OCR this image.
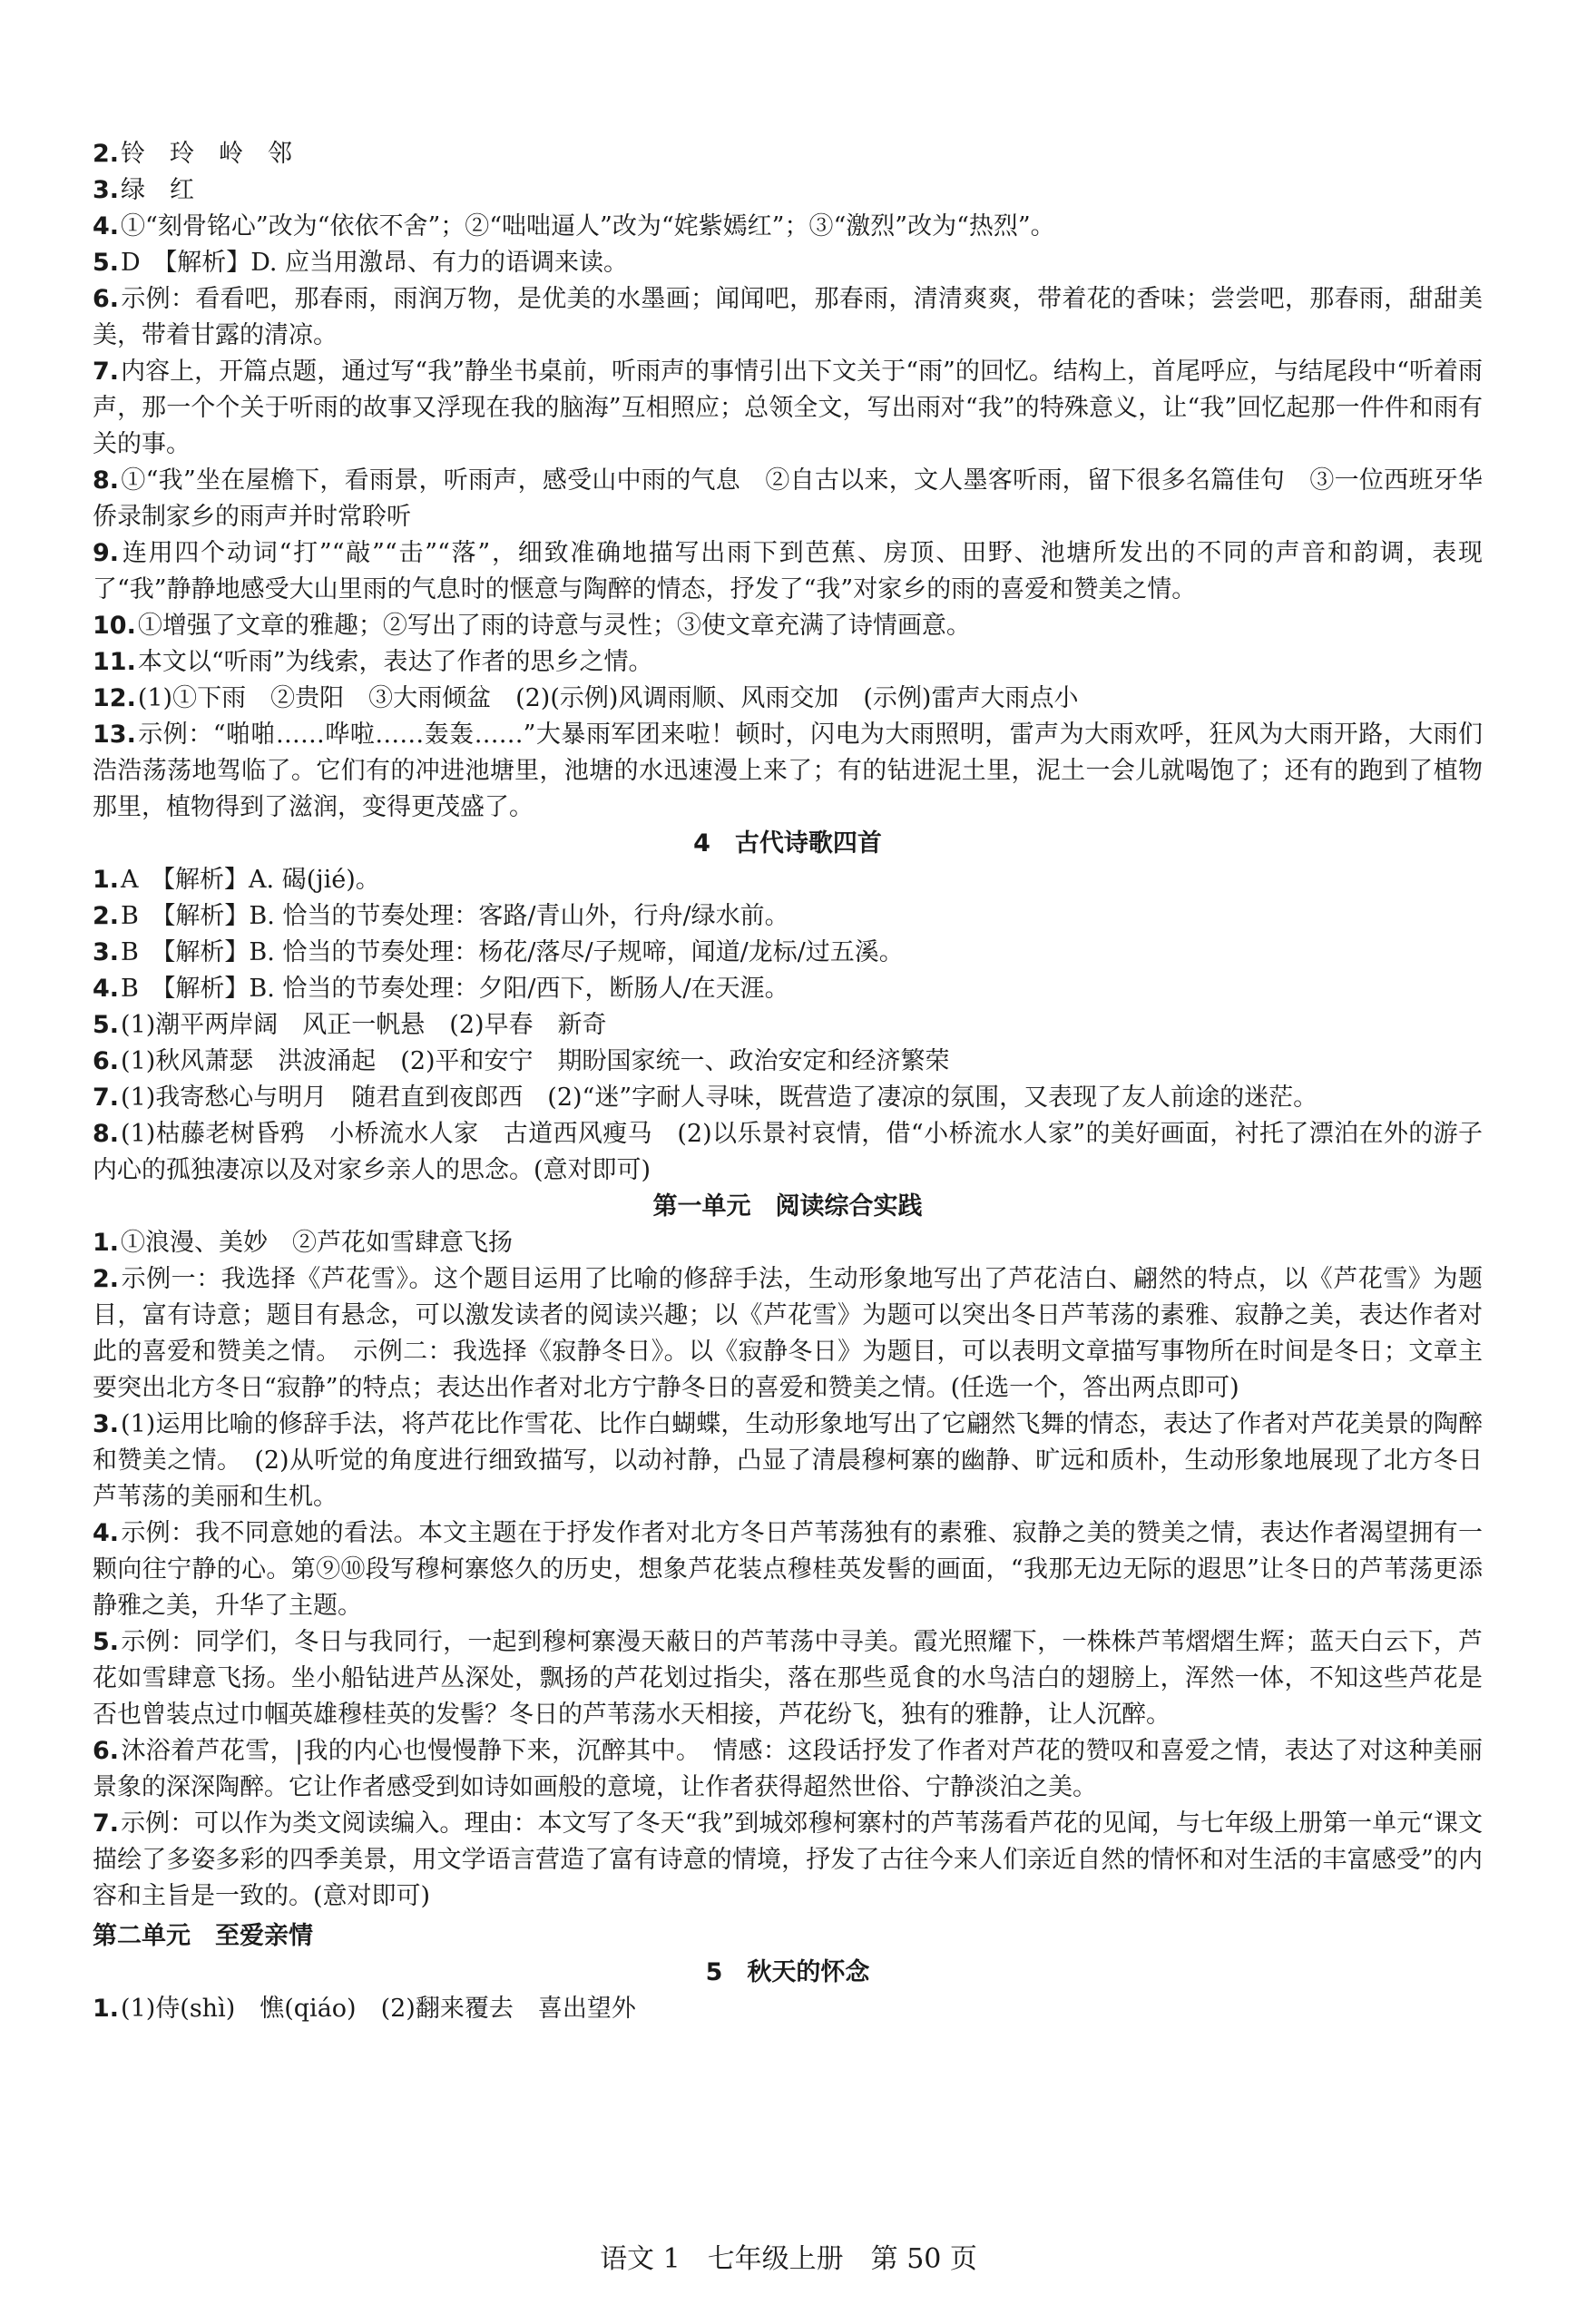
2.铃　玲　岭　邻

3.绿　红

4.①“刻骨铭心”改为“依依不舍”；②“咄咄逼人”改为“姹紫嫣红”；③“激烈”改为“热烈”。

5.D　【解析】D. 应当用激昂、有力的语调来读。

6.示例：看看吧，那春雨，雨润万物，是优美的水墨画；闻闻吧，那春雨，清清爽爽，带着花的香味；尝尝吧，那春雨，甜甜美美，带着甘露的清凉。

7.内容上，开篇点题，通过写“我”静坐书桌前，听雨声的事情引出下文关于“雨”的回忆。结构上，首尾呼应，与结尾段中“听着雨声，那一个个关于听雨的故事又浮现在我的脑海”互相照应；总领全文，写出雨对“我”的特殊意义，让“我”回忆起那一件件和雨有关的事。

8.①“我”坐在屋檐下，看雨景，听雨声，感受山中雨的气息　②自古以来，文人墨客听雨，留下很多名篇佳句　③一位西班牙华侨录制家乡的雨声并时常聆听

9.连用四个动词“打”“敲”“击”“落”，细致准确地描写出雨下到芭蕉、房顶、田野、池塘所发出的不同的声音和韵调，表现了“我”静静地感受大山里雨的气息时的惬意与陶醉的情态，抒发了“我”对家乡的雨的喜爱和赞美之情。

10.①增强了文章的雅趣；②写出了雨的诗意与灵性；③使文章充满了诗情画意。

11.本文以“听雨”为线索，表达了作者的思乡之情。

12.(1)①下雨　②贵阳　③大雨倾盆　(2)(示例)风调雨顺、风雨交加　(示例)雷声大雨点小

13.示例：“啪啪……哗啦……轰轰……”大暴雨军团来啦！顿时，闪电为大雨照明，雷声为大雨欢呼，狂风为大雨开路，大雨们浩浩荡荡地驾临了。它们有的冲进池塘里，池塘的水迅速漫上来了；有的钻进泥土里，泥土一会儿就喝饱了；还有的跑到了植物那里，植物得到了滋润，变得更茂盛了。

4　古代诗歌四首

1.A　【解析】A. 碣(jié)。

2.B　【解析】B. 恰当的节奏处理：客路/青山外，行舟/绿水前。

3.B　【解析】B. 恰当的节奏处理：杨花/落尽/子规啼，闻道/龙标/过五溪。

4.B　【解析】B. 恰当的节奏处理：夕阳/西下，断肠人/在天涯。

5.(1)潮平两岸阔　风正一帆悬　(2)早春　新奇

6.(1)秋风萧瑟　洪波涌起　(2)平和安宁　期盼国家统一、政治安定和经济繁荣

7.(1)我寄愁心与明月　随君直到夜郎西　(2)“迷”字耐人寻味，既营造了凄凉的氛围，又表现了友人前途的迷茫。

8.(1)枯藤老树昏鸦　小桥流水人家　古道西风瘦马　(2)以乐景衬哀情，借“小桥流水人家”的美好画面，衬托了漂泊在外的游子内心的孤独凄凉以及对家乡亲人的思念。(意对即可)

第一单元　阅读综合实践

1.①浪漫、美妙　②芦花如雪肆意飞扬

2.示例一：我选择《芦花雪》。这个题目运用了比喻的修辞手法，生动形象地写出了芦花洁白、翩然的特点，以《芦花雪》为题目，富有诗意；题目有悬念，可以激发读者的阅读兴趣；以《芦花雪》为题可以突出冬日芦苇荡的素雅、寂静之美，表达作者对此的喜爱和赞美之情。　示例二：我选择《寂静冬日》。以《寂静冬日》为题目，可以表明文章描写事物所在时间是冬日；文章主要突出北方冬日“寂静”的特点；表达出作者对北方宁静冬日的喜爱和赞美之情。(任选一个，答出两点即可)

3.(1)运用比喻的修辞手法，将芦花比作雪花、比作白蝴蝶，生动形象地写出了它翩然飞舞的情态，表达了作者对芦花美景的陶醉和赞美之情。　(2)从听觉的角度进行细致描写，以动衬静，凸显了清晨穆柯寨的幽静、旷远和质朴，生动形象地展现了北方冬日芦苇荡的美丽和生机。

4.示例：我不同意她的看法。本文主题在于抒发作者对北方冬日芦苇荡独有的素雅、寂静之美的赞美之情，表达作者渴望拥有一颗向往宁静的心。第⑨⑩段写穆柯寨悠久的历史，想象芦花装点穆桂英发髻的画面，“我那无边无际的遐思”让冬日的芦苇荡更添静雅之美，升华了主题。

5.示例：同学们，冬日与我同行，一起到穆柯寨漫天蔽日的芦苇荡中寻美。霞光照耀下，一株株芦苇熠熠生辉；蓝天白云下，芦花如雪肆意飞扬。坐小船钻进芦丛深处，飘扬的芦花划过指尖，落在那些觅食的水鸟洁白的翅膀上，浑然一体，不知这些芦花是否也曾装点过巾帼英雄穆桂英的发髻？冬日的芦苇荡水天相接，芦花纷飞，独有的雅静，让人沉醉。

6.沐浴着芦花雪，|我的内心也慢慢静下来，沉醉其中。　情感：这段话抒发了作者对芦花的赞叹和喜爱之情，表达了对这种美丽景象的深深陶醉。它让作者感受到如诗如画般的意境，让作者获得超然世俗、宁静淡泊之美。

7.示例：可以作为类文阅读编入。理由：本文写了冬天“我”到城郊穆柯寨村的芦苇荡看芦花的见闻，与七年级上册第一单元“课文描绘了多姿多彩的四季美景，用文学语言营造了富有诗意的情境，抒发了古往今来人们亲近自然的情怀和对生活的丰富感受”的内容和主旨是一致的。(意对即可)

第二单元　至爱亲情

5　秋天的怀念

1.(1)侍(shì)　憔(qiáo)　(2)翻来覆去　喜出望外

语文 1　七年级上册　第 50 页
